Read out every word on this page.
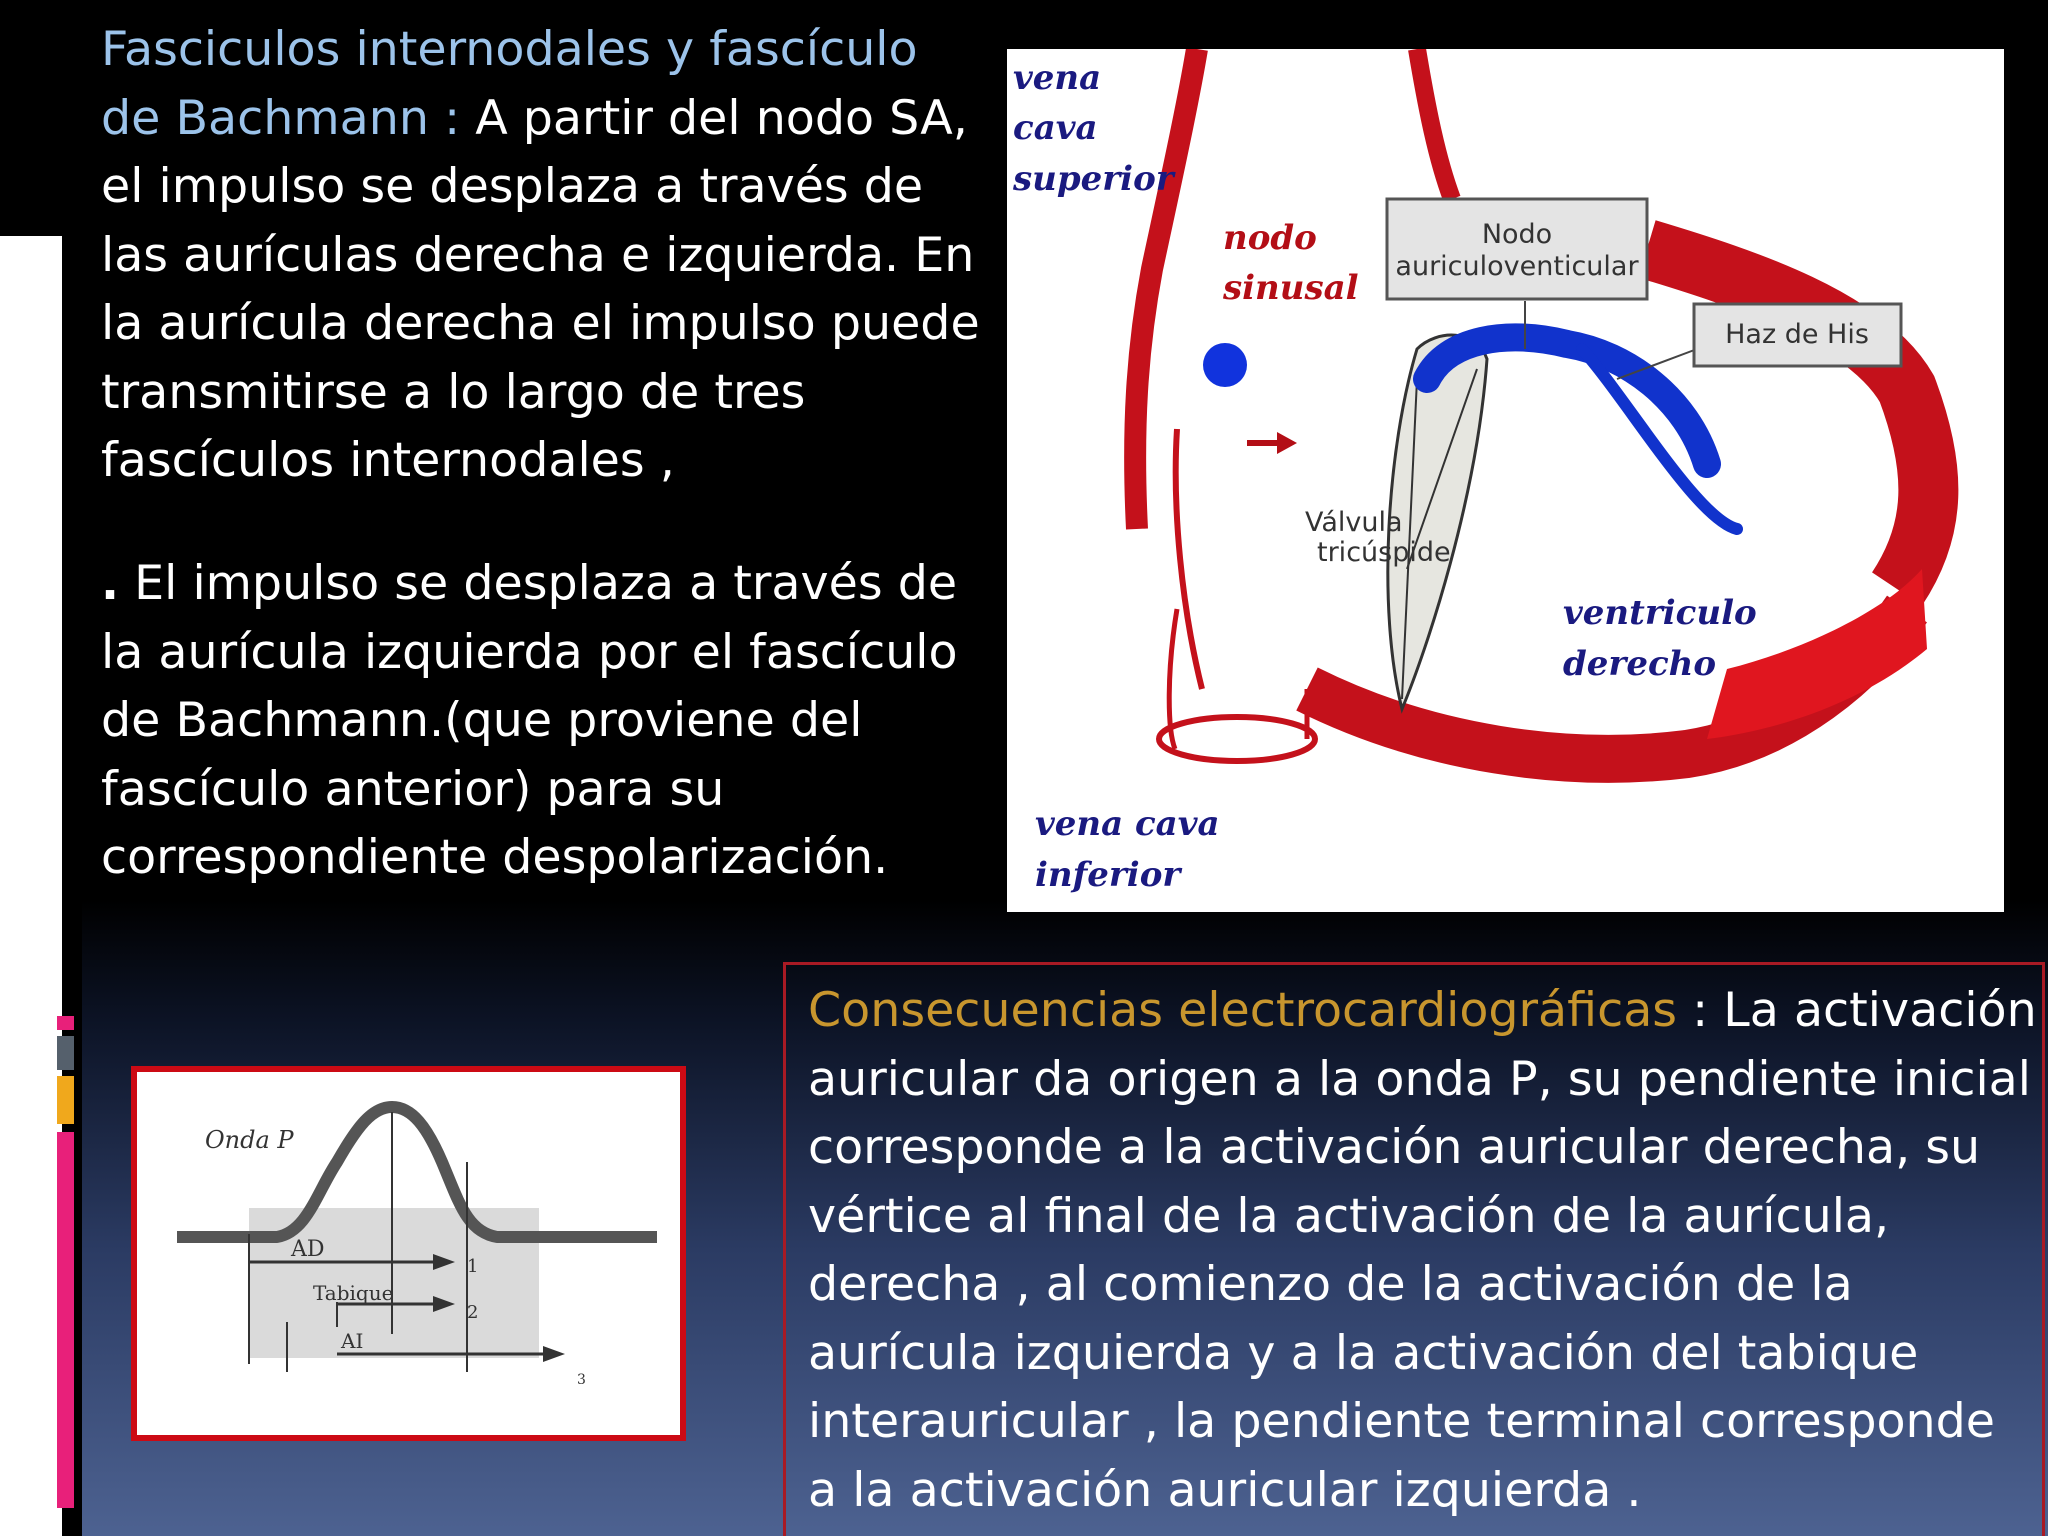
Fasciculos internodales y fascículo de Bachmann : A partir del nodo SA, el impulso se desplaza a través de las aurículas derecha e izquierda. En la aurícula derecha el impulso puede transmitirse a lo largo de tres fascículos internodales ,

. El impulso se desplaza a través de la aurícula izquierda por el fascículo de Bachmann.(que proviene del fascículo anterior) para su correspondiente despolarización.

Nodo
auriculoventicular
Haz de His
Válvula
tricúspide
vena
cava
superior
nodo
sinusal
ventriculo
derecho
vena cava
inferior
Onda P
AD
Tabique
AI
1
2
3

Consecuencias electrocardiográficas : La activación auricular da origen a la onda P, su pendiente inicial corresponde a la activación auricular derecha, su vértice al final de la activación de la aurícula, derecha , al comienzo de la activación de la aurícula izquierda y a la activación del tabique interauricular , la pendiente terminal corresponde a la activación auricular izquierda .
